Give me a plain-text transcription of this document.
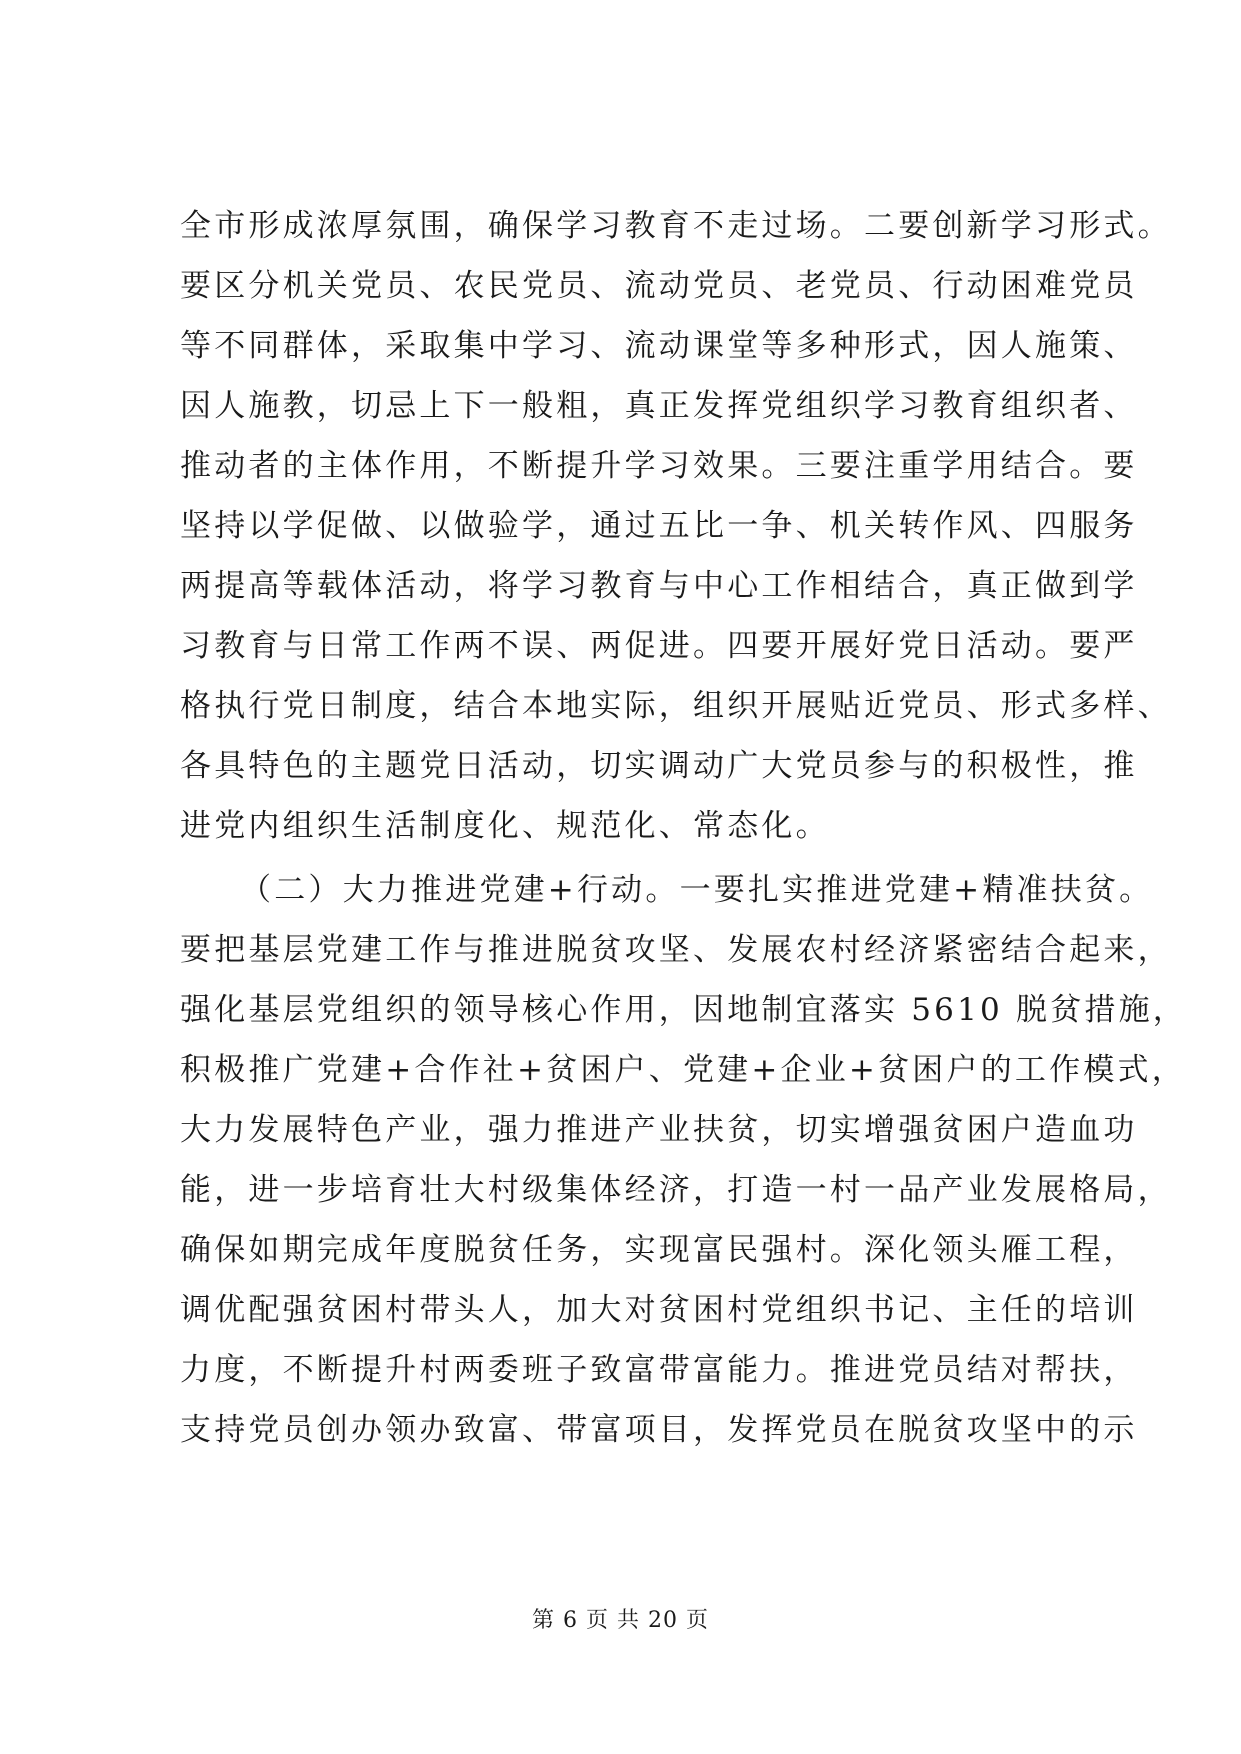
全市形成浓厚氛围，确保学习教育不走过场。二要创新学习形式。
要区分机关党员、农民党员、流动党员、老党员、行动困难党员
等不同群体，采取集中学习、流动课堂等多种形式，因人施策、
因人施教，切忌上下一般粗，真正发挥党组织学习教育组织者、
推动者的主体作用，不断提升学习效果。三要注重学用结合。要
坚持以学促做、以做验学，通过五比一争、机关转作风、四服务
两提高等载体活动，将学习教育与中心工作相结合，真正做到学
习教育与日常工作两不误、两促进。四要开展好党日活动。要严
格执行党日制度，结合本地实际，组织开展贴近党员、形式多样、
各具特色的主题党日活动，切实调动广大党员参与的积极性，推
进党内组织生活制度化、规范化、常态化。
（二）大力推进党建+行动。一要扎实推进党建+精准扶贫。
要把基层党建工作与推进脱贫攻坚、发展农村经济紧密结合起来，
强化基层党组织的领导核心作用，因地制宜落实 5610 脱贫措施，
积极推广党建+合作社+贫困户、党建+企业+贫困户的工作模式，
大力发展特色产业，强力推进产业扶贫，切实增强贫困户造血功
能，进一步培育壮大村级集体经济，打造一村一品产业发展格局，
确保如期完成年度脱贫任务，实现富民强村。深化领头雁工程，
调优配强贫困村带头人，加大对贫困村党组织书记、主任的培训
力度，不断提升村两委班子致富带富能力。推进党员结对帮扶，
支持党员创办领办致富、带富项目，发挥党员在脱贫攻坚中的示
第 6 页 共 20 页
